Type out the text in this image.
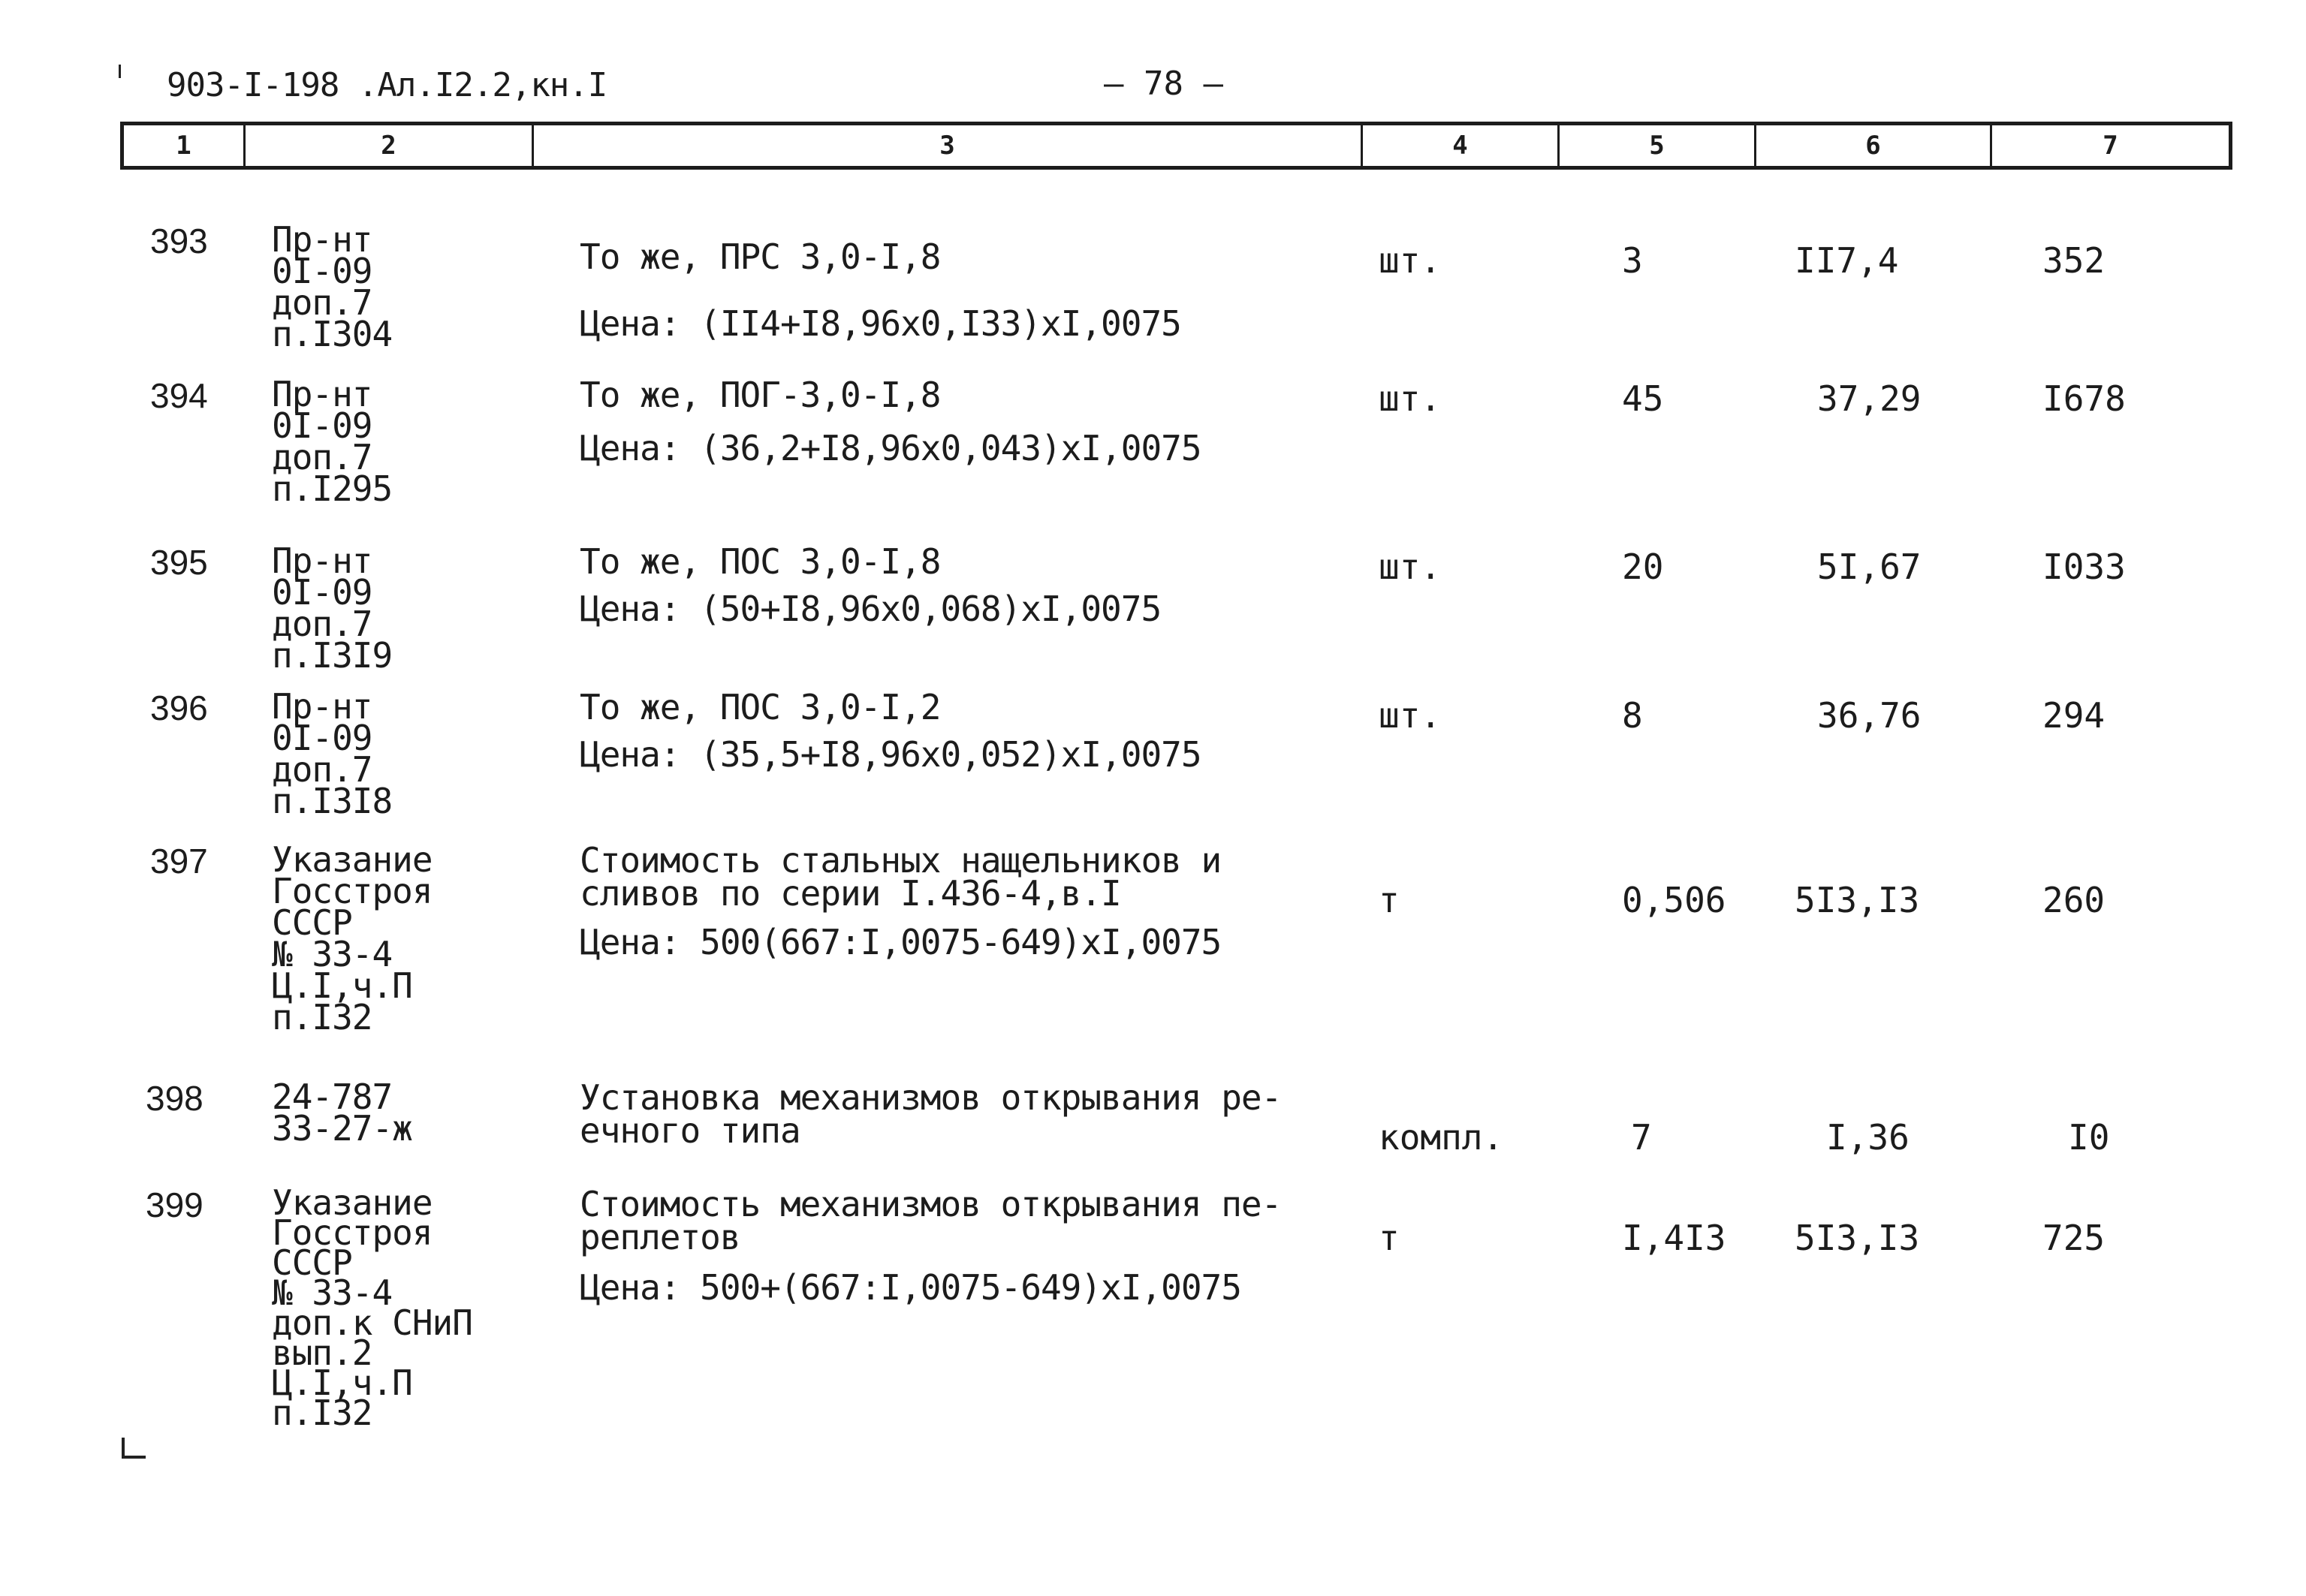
903-I-198 .Ал.I2.2,кн.I	— 78 —
1	2	3	4	5	6	7
393 Пр-нт
0I-09
доп.7
п.I304
То же, ПРС 3,0-I,8
Цена: (II4+I8,96x0,I33)xI,0075
шт.	3	II7,4	352
394 Пр-нт
0I-09
доп.7
п.I295
То же, ПОГ-3,0-I,8
Цена: (36,2+I8,96x0,043)xI,0075
шт.	45	37,29	I678
395 Пр-нт
0I-09
доп.7
п.I3I9
То же, ПОС 3,0-I,8
Цена: (50+I8,96x0,068)xI,0075
шт.	20	5I,67	I033
396 Пр-нт
0I-09
доп.7
п.I3I8
То же, ПОС 3,0-I,2
Цена: (35,5+I8,96x0,052)xI,0075
шт.	8	36,76	294
397 Указание
Госстроя
СССР
№ 33-4
Ц.I,ч.П
п.I32
Стоимость стальных нащельников и
сливов по серии I.436-4,в.I
Цена: 500(667:I,0075-649)xI,0075
т	0,506 5I3,I3	260
398 24-787
33-27-ж
Установка механизмов открывания ре-
ечного типа	компл.	7	I,36	I0
399 Указание
Госстроя
СССР
№ 33-4
доп.к СНиП
вып.2
Ц.I,ч.П
п.I32
Стоимость механизмов открывания пе-
реплетов
Цена: 500+(667:I,0075-649)xI,0075
т	I,4I3 5I3,I3	725
